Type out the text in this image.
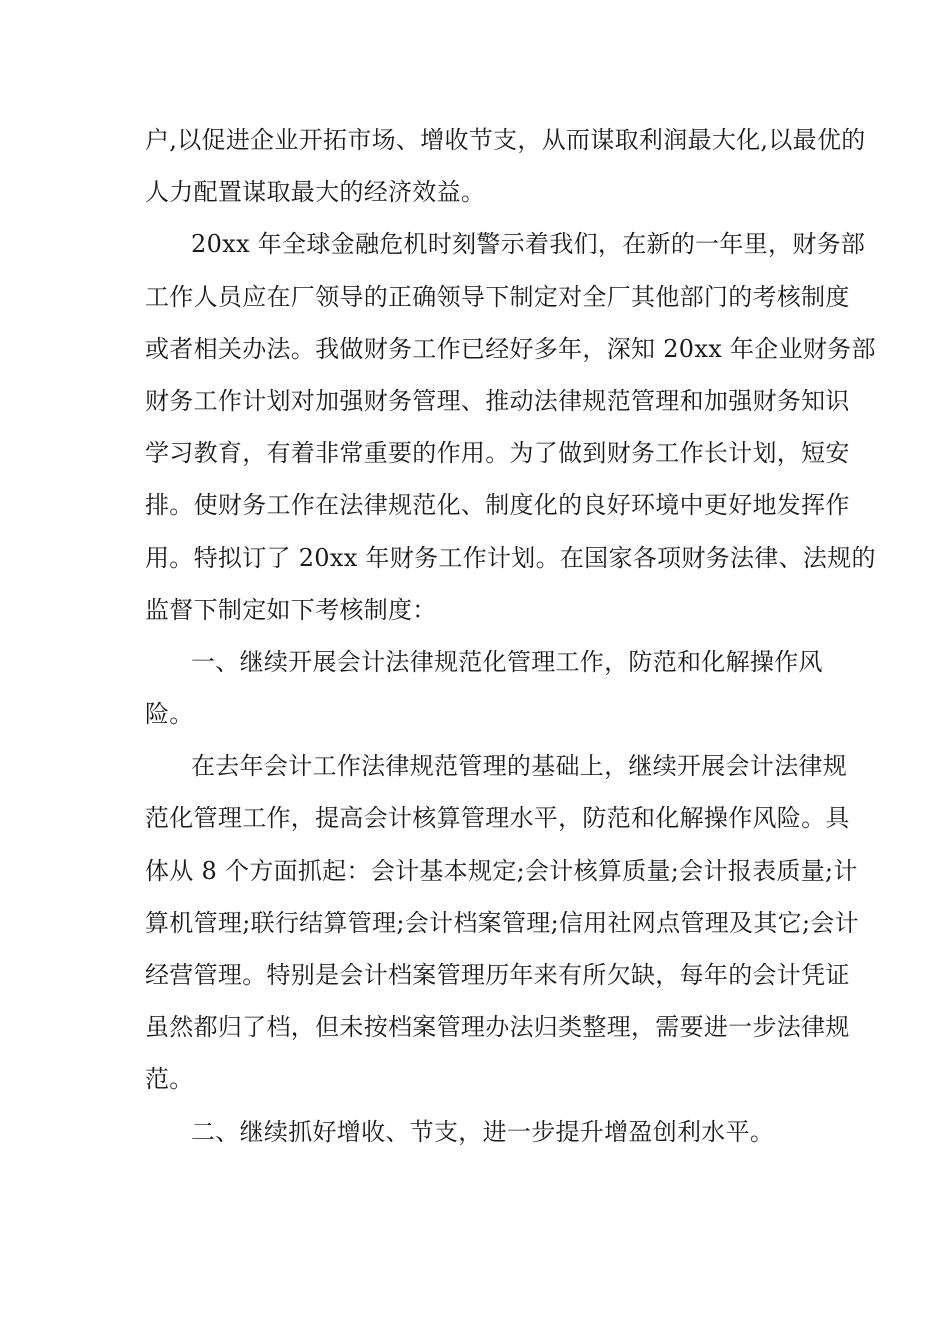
户,以促进企业开拓市场、增收节支，从而谋取利润最大化,以最优的
人力配置谋取最大的经济效益。
20xx 年全球金融危机时刻警示着我们，在新的一年里，财务部
工作人员应在厂领导的正确领导下制定对全厂其他部门的考核制度
或者相关办法。我做财务工作已经好多年，深知 20xx 年企业财务部
财务工作计划对加强财务管理、推动法律规范管理和加强财务知识
学习教育，有着非常重要的作用。为了做到财务工作长计划，短安
排。使财务工作在法律规范化、制度化的良好环境中更好地发挥作
用。特拟订了 20xx 年财务工作计划。在国家各项财务法律、法规的
监督下制定如下考核制度：
一、继续开展会计法律规范化管理工作，防范和化解操作风
险。
在去年会计工作法律规范管理的基础上，继续开展会计法律规
范化管理工作，提高会计核算管理水平，防范和化解操作风险。具
体从 8 个方面抓起：会计基本规定;会计核算质量;会计报表质量;计
算机管理;联行结算管理;会计档案管理;信用社网点管理及其它;会计
经营管理。特别是会计档案管理历年来有所欠缺，每年的会计凭证
虽然都归了档，但未按档案管理办法归类整理，需要进一步法律规
范。
二、继续抓好增收、节支，进一步提升增盈创利水平。
